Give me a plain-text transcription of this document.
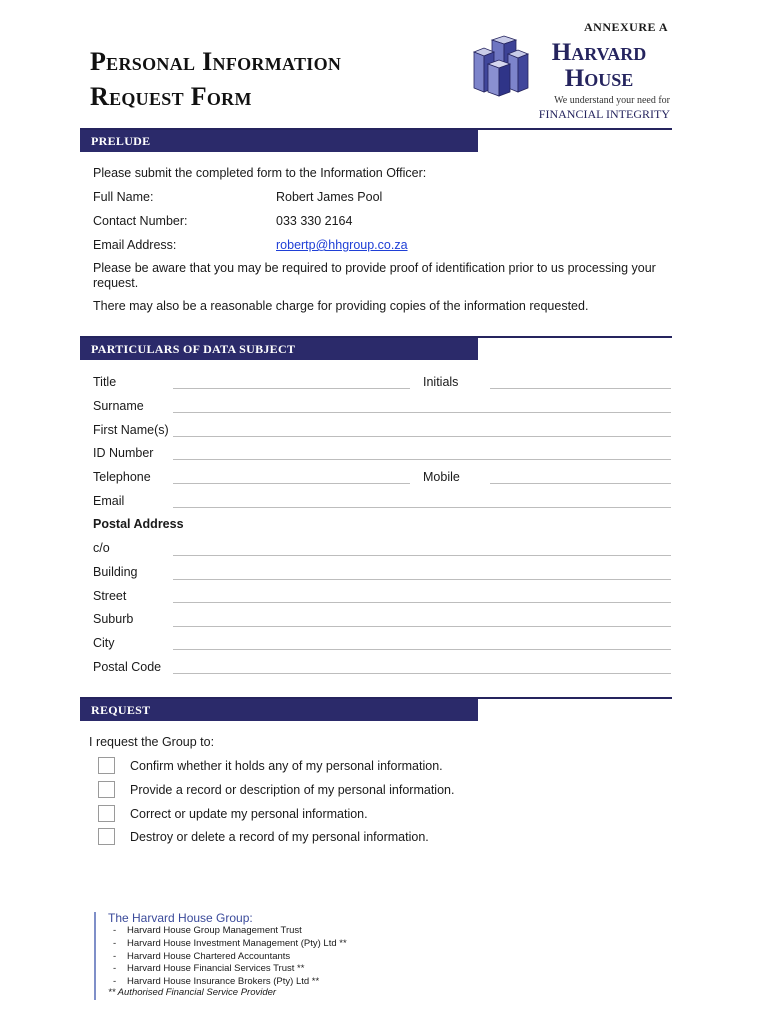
ANNEXURE A
Personal Information
Request Form
Harvard
House
We understand your need for
FINANCIAL INTEGRITY
PRELUDE
Please submit the completed form to the Information Officer:
Full Name:	Robert James Pool
Contact Number:	033 330 2164
Email Address:	robertp@hhgroup.co.za
Please be aware that you may be required to provide proof of identification prior to us processing your request.
There may also be a reasonable charge for providing copies of the information requested.
PARTICULARS OF DATA SUBJECT
Title	Initials
Surname
First Name(s)
ID Number
Telephone	Mobile
Email
Postal Address
c/o
Building
Street
Suburb
City
Postal Code
REQUEST
I request the Group to:
Confirm whether it holds any of my personal information.
Provide a record or description of my personal information.
Correct or update my personal information.
Destroy or delete a record of my personal information.
The Harvard House Group:
- Harvard House Group Management Trust
- Harvard House Investment Management (Pty) Ltd **
- Harvard House Chartered Accountants
- Harvard House Financial Services Trust **
- Harvard House Insurance Brokers (Pty) Ltd **
** Authorised Financial Service Provider
